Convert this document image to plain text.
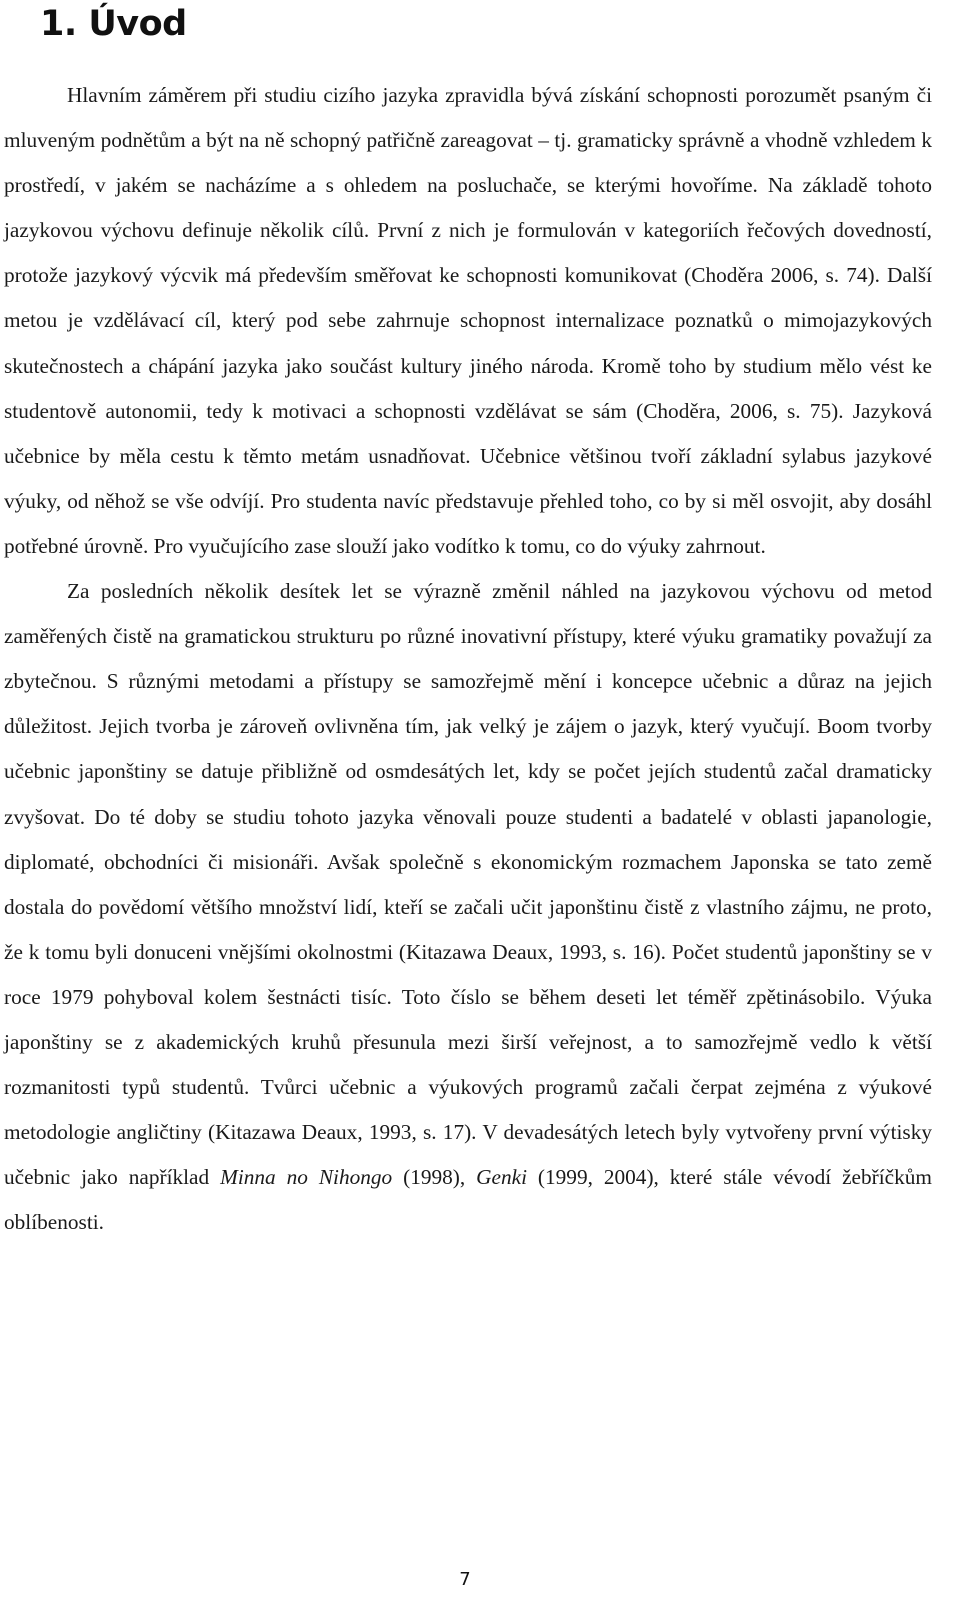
1. Úvod

Hlavním záměrem při studiu cizího jazyka zpravidla bývá získání schopnosti porozumět psaným či mluveným podnětům a být na ně schopný patřičně zareagovat – tj. gramaticky správně a vhodně vzhledem k prostředí, v jakém se nacházíme a s ohledem na posluchače, se kterými hovoříme. Na základě tohoto jazykovou výchovu definuje několik cílů. První z nich je formulován v kategoriích řečových dovedností, protože jazykový výcvik má především směřovat ke schopnosti komunikovat (Choděra 2006, s. 74). Další metou je vzdělávací cíl, který pod sebe zahrnuje schopnost internalizace poznatků o mimojazykových skutečnostech a chápání jazyka jako součást kultury jiného národa. Kromě toho by studium mělo vést ke studentově autonomii, tedy k motivaci a schopnosti vzdělávat se sám (Choděra, 2006, s. 75). Jazyková učebnice by měla cestu k těmto metám usnadňovat. Učebnice většinou tvoří základní sylabus jazykové výuky, od něhož se vše odvíjí. Pro studenta navíc představuje přehled toho, co by si měl osvojit, aby dosáhl potřebné úrovně. Pro vyučujícího zase slouží jako vodítko k tomu, co do výuky zahrnout.

Za posledních několik desítek let se výrazně změnil náhled na jazykovou výchovu od metod zaměřených čistě na gramatickou strukturu po různé inovativní přístupy, které výuku gramatiky považují za zbytečnou. S různými metodami a přístupy se samozřejmě mění i koncepce učebnic a důraz na jejich důležitost. Jejich tvorba je zároveň ovlivněna tím, jak velký je zájem o jazyk, který vyučují. Boom tvorby učebnic japonštiny se datuje přibližně od osmdesátých let, kdy se počet jejích studentů začal dramaticky zvyšovat. Do té doby se studiu tohoto jazyka věnovali pouze studenti a badatelé v oblasti japanologie, diplomaté, obchodníci či misionáři. Avšak společně s ekonomickým rozmachem Japonska se tato země dostala do povědomí většího množství lidí, kteří se začali učit japonštinu čistě z vlastního zájmu, ne proto, že k tomu byli donuceni vnějšími okolnostmi (Kitazawa Deaux, 1993, s. 16). Počet studentů japonštiny se v roce 1979 pohyboval kolem šestnácti tisíc. Toto číslo se během deseti let téměř zpětinásobilo. Výuka japonštiny se z akademických kruhů přesunula mezi širší veřejnost, a to samozřejmě vedlo k větší rozmanitosti typů studentů. Tvůrci učebnic a výukových programů začali čerpat zejména z výukové metodologie angličtiny (Kitazawa Deaux, 1993, s. 17). V devadesátých letech byly vytvořeny první výtisky učebnic jako například Minna no Nihongo (1998), Genki (1999, 2004), které stále vévodí žebříčkům oblíbenosti.

7
